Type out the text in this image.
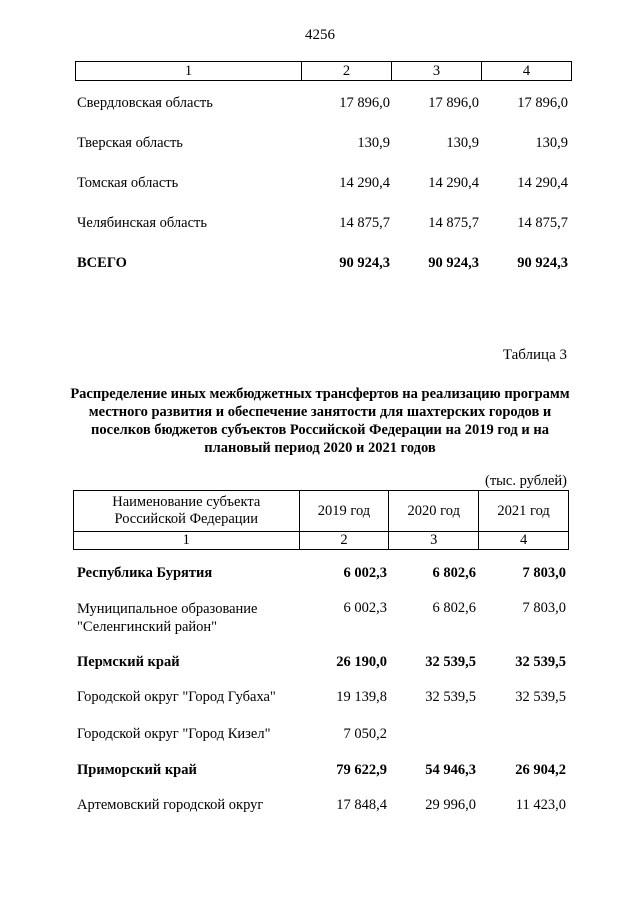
4256
1	2	3	4
Свердловская область	17 896,0	17 896,0	17 896,0
Тверская область	130,9	130,9	130,9
Томская область	14 290,4	14 290,4	14 290,4
Челябинская область	14 875,7	14 875,7	14 875,7
ВСЕГО	90 924,3	90 924,3	90 924,3
Таблица 3
Распределение иных межбюджетных трансфертов на реализацию программ местного развития и обеспечение занятости для шахтерских городов и поселков бюджетов субъектов Российской Федерации на 2019 год и на плановый период 2020 и 2021 годов
(тыс. рублей)
Наименование субъекта
Российской Федерации	2019 год	2020 год	2021 год
1	2	3	4
Республика Бурятия	6 002,3	6 802,6	7 803,0
Муниципальное образование
"Селенгинский район"
6 002,3	6 802,6	7 803,0
Пермский край	26 190,0	32 539,5	32 539,5
Городской округ "Город Губаха"	19 139,8	32 539,5	32 539,5
Городской округ "Город Кизел"	7 050,2
Приморский край	79 622,9	54 946,3	26 904,2
Артемовский городской округ	17 848,4	29 996,0	11 423,0
